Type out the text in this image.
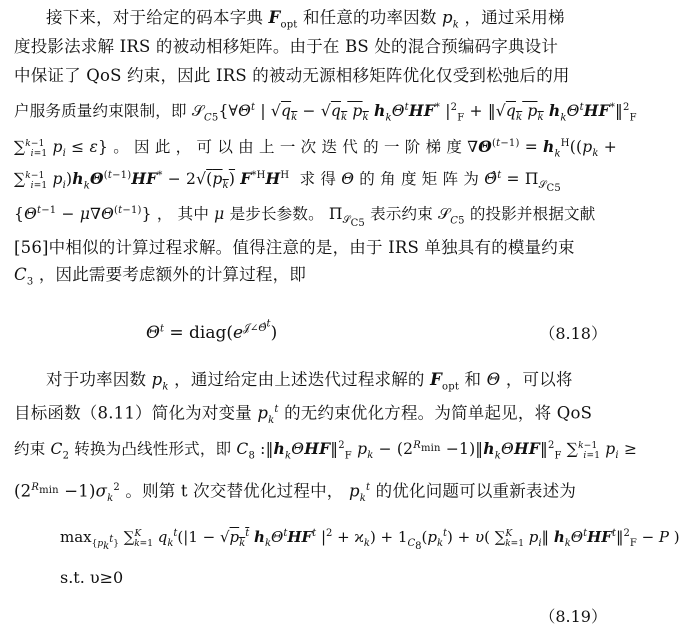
接下来，对于给定的码本字典 $F_{opt}$ 和任意的功率因数 $p_k$ ，通过采用梯
度投影法求解 IRS 的被动相移矩阵。由于在 BS 处的混合预编码字典设计
中保证了 QoS 约束，因此 IRS 的被动无源相移矩阵优化仅受到松弛后的用
户服务质量约束限制，即 $𝒮_{C5}\{\forall\Theta^t$ | $√q_k - √q_k$ $p_k$ $h_k\Theta^tHF^*$ $|^2_F$ + $‖√q_k$ $p_k$ $h_k\Theta^tHF^*‖^2_F$
∑$^{k-1}_{i=1}$ $p_i \le \varepsilon$} 。 因 此 ， 可 以 由 上 一 次 迭 代 的 一 阶 梯 度 $\nabla\Theta^{(t-1)} = h_k^H((p_k$ +
∑$^{k-1}_{i=1}$ $p_i)h_k\Theta^{(t-1)}HF^* - 2√(p_k)$ $F^{*H}H^H$  求 得 Θ 的 角 度 矩 阵 为 Θ̂$^t$ = $\Pi_{𝒮_{C5}}$
$\{\Theta^{t-1} - \mu\nabla\Theta^{(t-1)}\}$ ， 其中 μ 是步长参数。 $\Pi_{𝒮_{C5}}$ 表示约束 𝒮$_{C5}$ 的投影并根据文献
[56]中相似的计算过程求解。值得注意的是，由于 IRS 单独具有的模量约束
$C_3$ ，因此需要考虑额外的计算过程，即
$\Theta^t$ = $diag(e^{𝒥\angle\Thetâ^t})$	（8.18）
对于功率因数 $p_k$ ，通过给定由上述迭代过程求解的 $F_{opt}$ 和 Θ ，可以将
目标函数（8.11）简化为对变量 $p_k^t$ 的无约束优化方程。为简单起见，将 QoS
约束 $C_2$ 转换为凸线性形式，即 $C_8$ $:‖h_k\Theta HF‖^2_F$ $p_k - (2^{R_{min}}$ $-1)‖h_k\Theta HF‖^2_F$ ∑$^{k-1}_{i=1}$ $p_i$ ≥
$(2^{R_{min}} -1)\sigma_k^2$ 。则第 t 次交替优化过程中， $p_k^t$ 的优化问题可以重新表述为
$\max_{\{p_k^t\}} \sum^K_{k=1}$ $q_k^t(|1 - √p_k^t$ $h_k\Theta^tHF^t$ $|^2 + ϰ_k) + 1_{C_8}(p_k^t) + \upsilon$( ∑$^K_{k=1}$ $p_i‖$ $h_k\Theta^tHF^t‖^2_F - P$ )
s.t. υ≥0
（8.19）
